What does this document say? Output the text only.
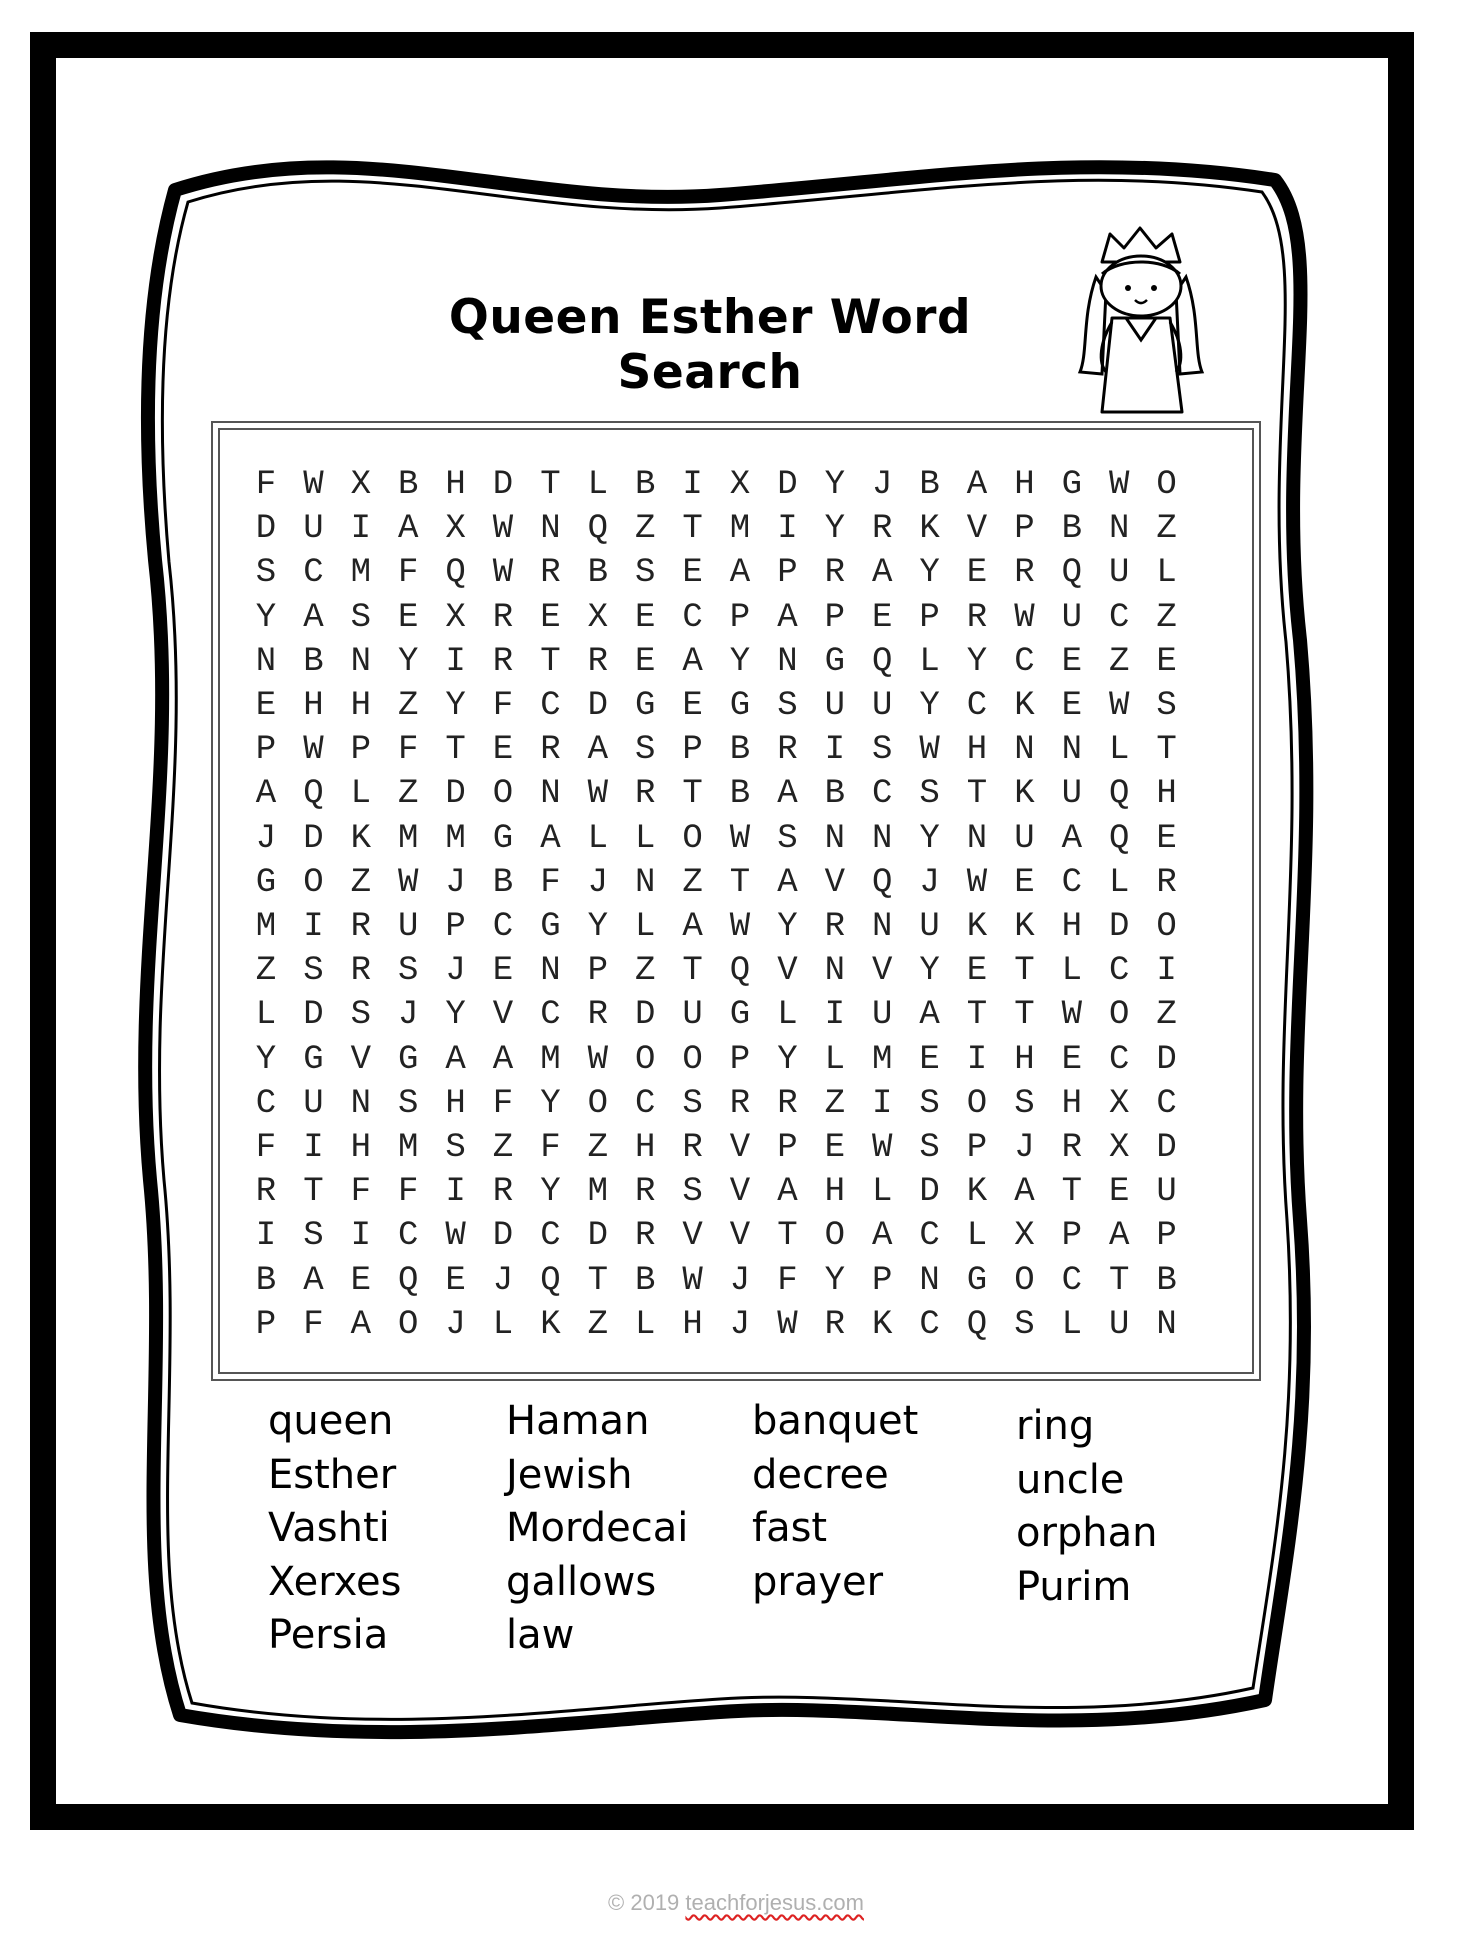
Queen Esther Word Search
F W X B H D T L B I X D Y J B A H G W O
D U I A X W N Q Z T M I Y R K V P B N Z
S C M F Q W R B S E A P R A Y E R Q U L
Y A S E X R E X E C P A P E P R W U C Z
N B N Y I R T R E A Y N G Q L Y C E Z E
E H H Z Y F C D G E G S U U Y C K E W S
P W P F T E R A S P B R I S W H N N L T
A Q L Z D O N W R T B A B C S T K U Q H
J D K M M G A L L O W S N N Y N U A Q E
G O Z W J B F J N Z T A V Q J W E C L R
M I R U P C G Y L A W Y R N U K K H D O
Z S R S J E N P Z T Q V N V Y E T L C I
L D S J Y V C R D U G L I U A T T W O Z
Y G V G A A M W O O P Y L M E I H E C D
C U N S H F Y O C S R R Z I S O S H X C
F I H M S Z F Z H R V P E W S P J R X D
R T F F I R Y M R S V A H L D K A T E U
I S I C W D C D R V V T O A C L X P A P
B A E Q E J Q T B W J F Y P N G O C T B
P F A O J L K Z L H J W R K C Q S L U N
queen
Esther
Vashti
Xerxes
Persia
Haman
Jewish
Mordecai
gallows
law
banquet
decree
fast
prayer
ring
uncle
orphan
Purim
© 2019 teachforjesus.com
